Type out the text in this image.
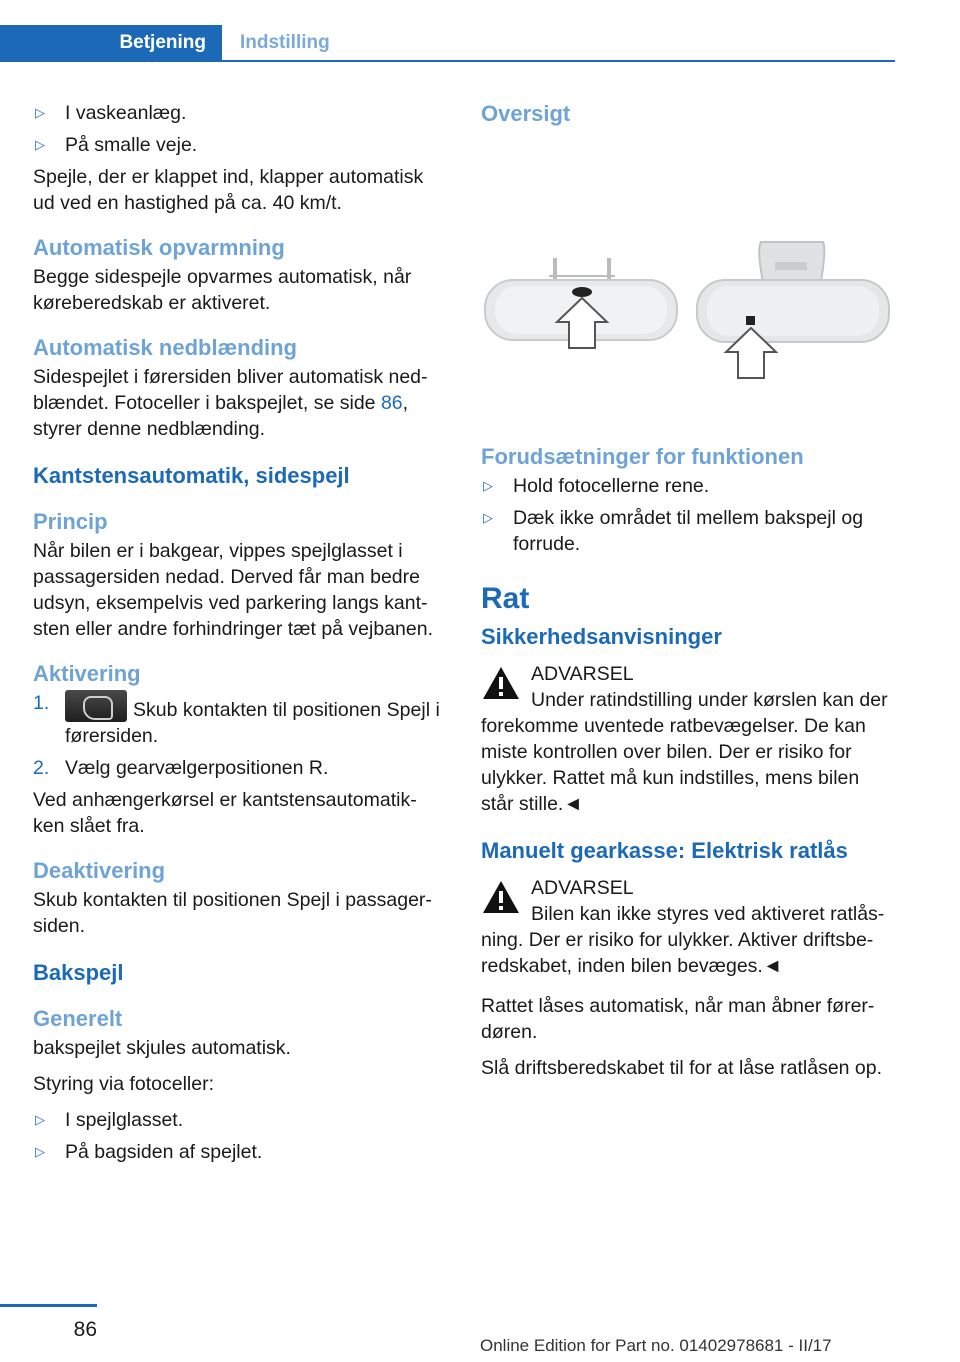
Betjening	Indstilling
▷ I vaskeanlæg.
▷ På smalle veje.

Spejle, der er klappet ind, klapper automatisk ud ved en hastighed på ca. 40 km/t.

Automatisk opvarmning

Begge sidespejle opvarmes automatisk, når køreberedskab er aktiveret.

Automatisk nedblænding

Sidespejlet i førersiden bliver automatisk ned-blændet. Fotoceller i bakspejlet, se side 86, styrer denne nedblænding.

Kantstensautomatik, sidespejl
Princip

Når bilen er i bakgear, vippes spejlglasset i passagersiden nedad. Derved får man bedre udsyn, eksempelvis ved parkering langs kant-sten eller andre forhindringer tæt på vejbanen.

Aktivering
1.	Skub kontakten til positionen Spejl i førersiden.
2. Vælg gearvælgerpositionen R.

Ved anhængerkørsel er kantstensautomatik-ken slået fra.

Deaktivering

Skub kontakten til positionen Spejl i passager-siden.

Bakspejl
Generelt

bakspejlet skjules automatisk.

Styring via fotoceller:

▷ I spejlglasset.
▷ På bagsiden af spejlet.
Oversigt
Forudsætninger for funktionen
▷ Hold fotocellerne rene.
▷ Dæk ikke området til mellem bakspejl og forrude.
Rat
Sikkerhedsanvisninger
ADVARSEL
Under ratindstilling under kørslen kan der
forekomme uventede ratbevægelser. De kan miste kontrollen over bilen. Der er risiko for ulykker. Rattet må kun indstilles, mens bilen står stille.◄
Manuelt gearkasse: Elektrisk ratlås
ADVARSEL
Bilen kan ikke styres ved aktiveret ratlås-
ning. Der er risiko for ulykker. Aktiver driftsbe-redskabet, inden bilen bevæges.◄

Rattet låses automatisk, når man åbner fører-døren.

Slå driftsberedskabet til for at låse ratlåsen op.

86
Online Edition for Part no. 01402978681 - II/17
